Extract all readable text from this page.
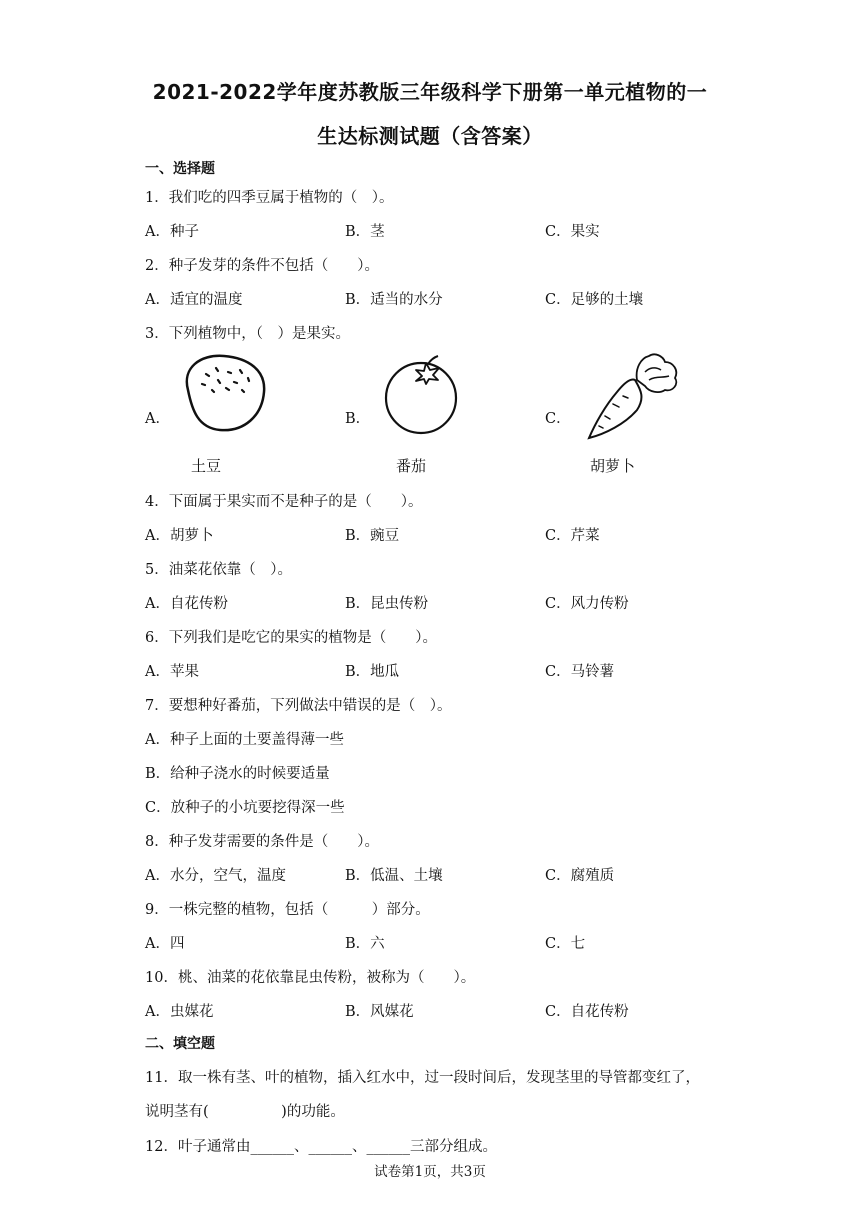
2021-2022学年度苏教版三年级科学下册第一单元植物的一
生达标测试题（含答案）
一、选择题
1．我们吃的四季豆属于植物的（　）。
A．种子	B．茎	C．果实
2．种子发芽的条件不包括（　　）。
A．适宜的温度	B．适当的水分	C．足够的土壤
3．下列植物中，（　）是果实。
A．	B．	C．
土豆	番茄	胡萝卜
4．下面属于果实而不是种子的是（　　）。
A．胡萝卜	B．豌豆	C．芹菜
5．油菜花依靠（　）。
A．自花传粉	B．昆虫传粉	C．风力传粉
6．下列我们是吃它的果实的植物是（　　）。
A．苹果	B．地瓜	C．马铃薯
7．要想种好番茄，下列做法中错误的是（　）。
A．种子上面的土要盖得薄一些
B．给种子浇水的时候要适量
C．放种子的小坑要挖得深一些
8．种子发芽需要的条件是（　　）。
A．水分，空气，温度	B．低温、土壤	C．腐殖质
9．一株完整的植物，包括（　　　）部分。
A．四	B．六	C．七
10．桃、油菜的花依靠昆虫传粉，被称为（　　）。
A．虫媒花	B．风媒花	C．自花传粉
二、填空题
11．取一株有茎、叶的植物，插入红水中，过一段时间后，发现茎里的导管都变红了，
说明茎有(　　　　　)的功能。
12．叶子通常由______、______、______三部分组成。
试卷第1页，共3页
